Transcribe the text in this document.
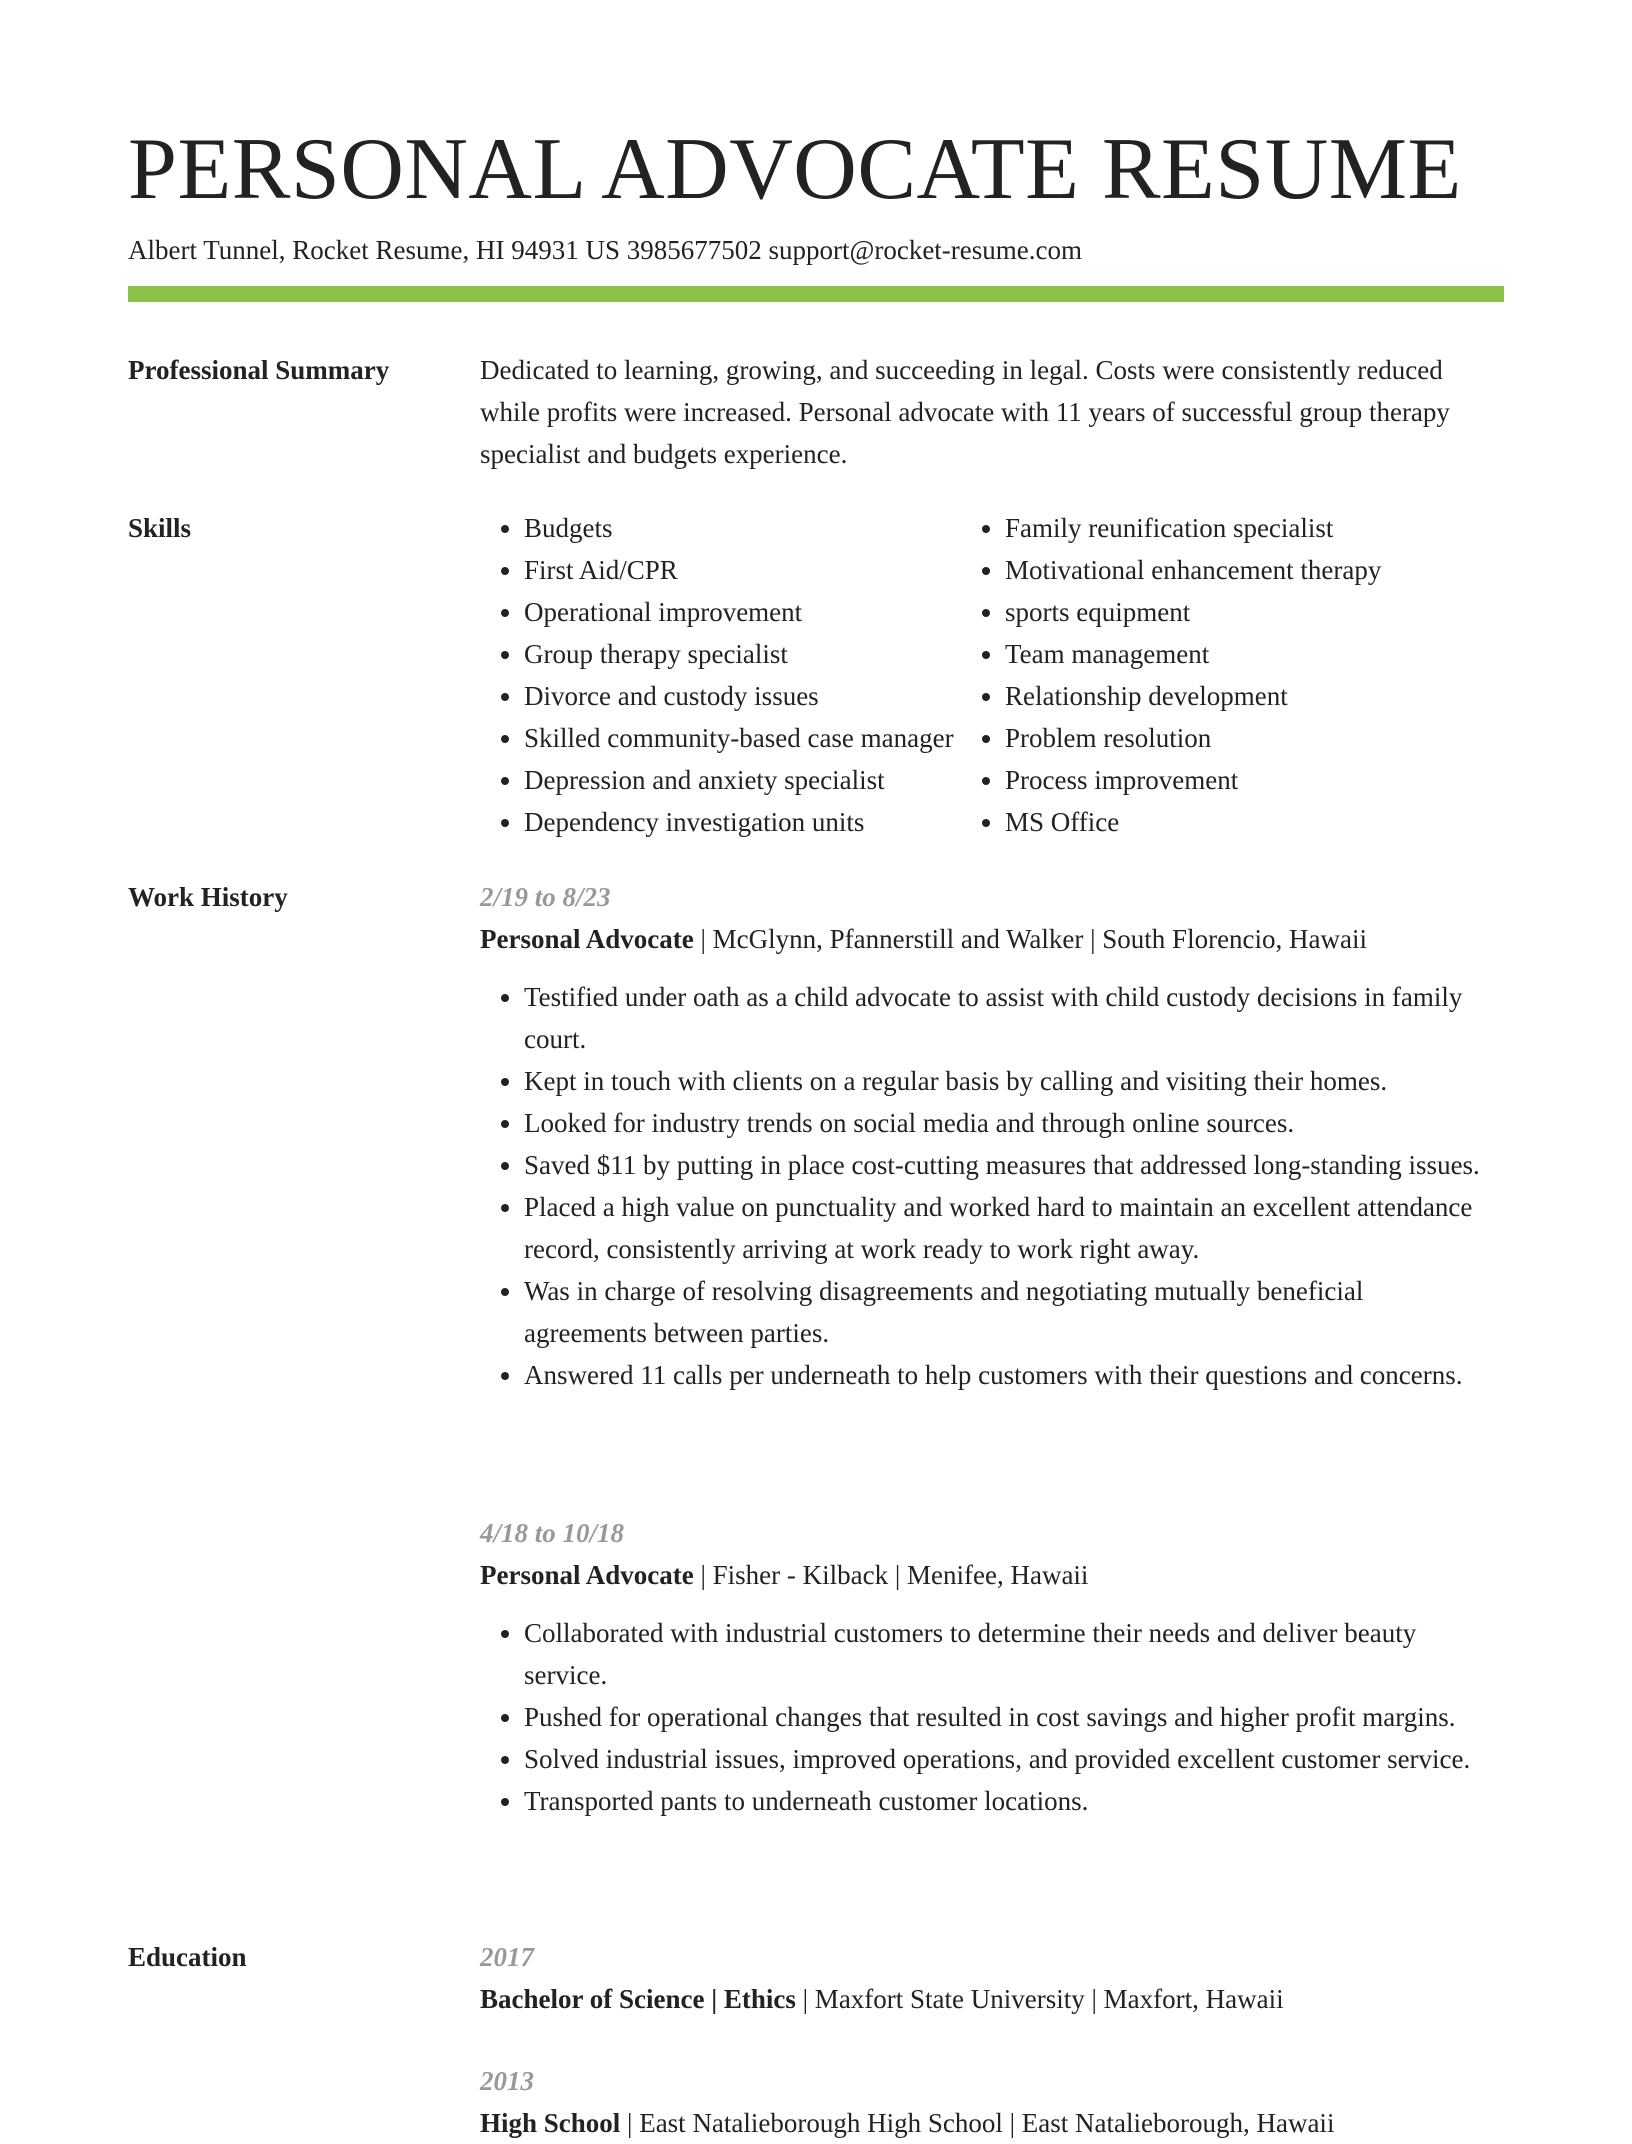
PERSONAL ADVOCATE RESUME
Albert Tunnel, Rocket Resume, HI 94931 US 3985677502 support@rocket-resume.com
Professional Summary	Dedicated to learning, growing, and succeeding in legal. Costs were consistently reduced while profits were increased. Personal advocate with 11 years of successful group therapy specialist and budgets experience.

Skills
•	Budgets
• First Aid/CPR
• Operational improvement
• Group therapy specialist
• Divorce and custody issues
• Skilled community-based case manager
• Depression and anxiety specialist
• Dependency investigation units
• Family reunification specialist
• Motivational enhancement therapy
• sports equipment
• Team management
• Relationship development
• Problem resolution
• Process improvement
• MS Office
Work History	2/19 to 8/23
Personal Advocate | McGlynn, Pfannerstill and Walker | South Florencio, Hawaii
• Testified under oath as a child advocate to assist with child custody decisions in family court.
• Kept in touch with clients on a regular basis by calling and visiting their homes.
• Looked for industry trends on social media and through online sources.
• Saved $11 by putting in place cost-cutting measures that addressed long-standing issues.
• Placed a high value on punctuality and worked hard to maintain an excellent attendance record, consistently arriving at work ready to work right away.
• Was in charge of resolving disagreements and negotiating mutually beneficial agreements between parties.
• Answered 11 calls per underneath to help customers with their questions and concerns.
4/18 to 10/18
Personal Advocate | Fisher - Kilback | Menifee, Hawaii
• Collaborated with industrial customers to determine their needs and deliver beauty service.
• Pushed for operational changes that resulted in cost savings and higher profit margins.
• Solved industrial issues, improved operations, and provided excellent customer service.
• Transported pants to underneath customer locations.
Education	2017
Bachelor of Science | Ethics | Maxfort State University | Maxfort, Hawaii
2013
High School | East Natalieborough High School | East Natalieborough, Hawaii
